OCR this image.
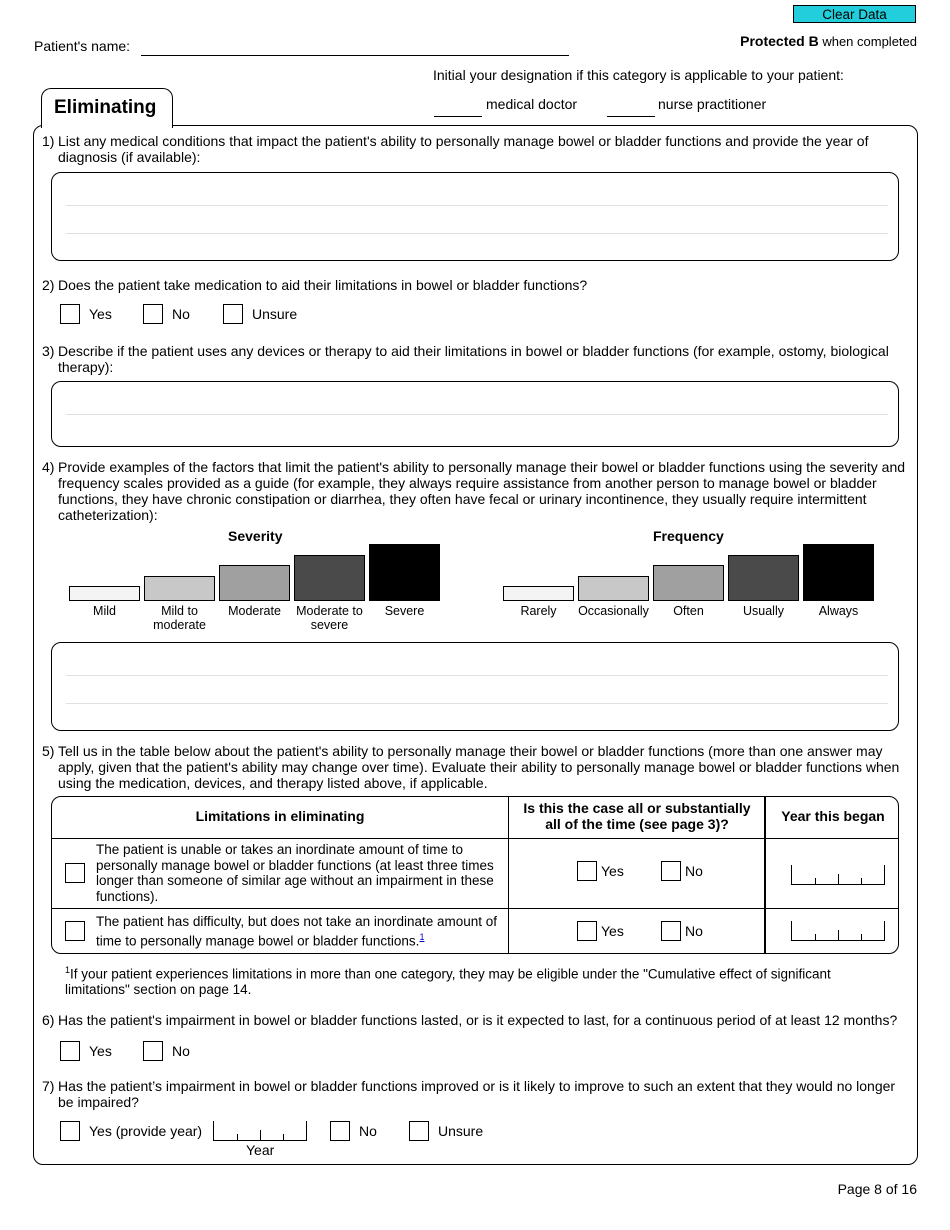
Clear Data
Patient's name:	Protected B when completed
Initial your designation if this category is applicable to your patient:
medical doctor	nurse practitioner
Eliminating
1) List any medical conditions that impact the patient's ability to personally manage bowel or bladder functions and provide the year of diagnosis (if available):
2) Does the patient take medication to aid their limitations in bowel or bladder functions?
Yes	No	Unsure
3) Describe if the patient uses any devices or therapy to aid their limitations in bowel or bladder functions (for example, ostomy, biological therapy):
4) Provide examples of the factors that limit the patient's ability to personally manage their bowel or bladder functions using the severity and frequency scales provided as a guide (for example, they always require assistance from another person to manage bowel or bladder functions, they have chronic constipation or diarrhea, they often have fecal or urinary incontinence, they usually require intermittent catheterization):
Severity	Frequency
Mild	Mild to moderate
Moderate	Moderate to severe
Severe	Rarely	Occasionally	Often	Usually	Always
5) Tell us in the table below about the patient's ability to personally manage their bowel or bladder functions (more than one answer may apply, given that the patient's ability may change over time). Evaluate their ability to personally manage bowel or bladder functions when using the medication, devices, and therapy listed above, if applicable.
Limitations in eliminating	Is this the case all or substantially all of the time (see page 3)?	Year this began
The patient is unable or takes an inordinate amount of time to personally manage bowel or bladder functions (at least three times longer than someone of similar age without an impairment in these functions).
Yes	No
The patient has difficulty, but does not take an inordinate amount of time to personally manage bowel or bladder functions.$^1$	Yes	No
$^1$If your patient experiences limitations in more than one category, they may be eligible under the "Cumulative effect of significant limitations" section on page 14.
6) Has the patient's impairment in bowel or bladder functions lasted, or is it expected to last, for a continuous period of at least 12 months?
Yes	No
7) Has the patient’s impairment in bowel or bladder functions improved or is it likely to improve to such an extent that they would no longer be impaired?
Yes (provide year)
Year
No	Unsure
Page 8 of 16
